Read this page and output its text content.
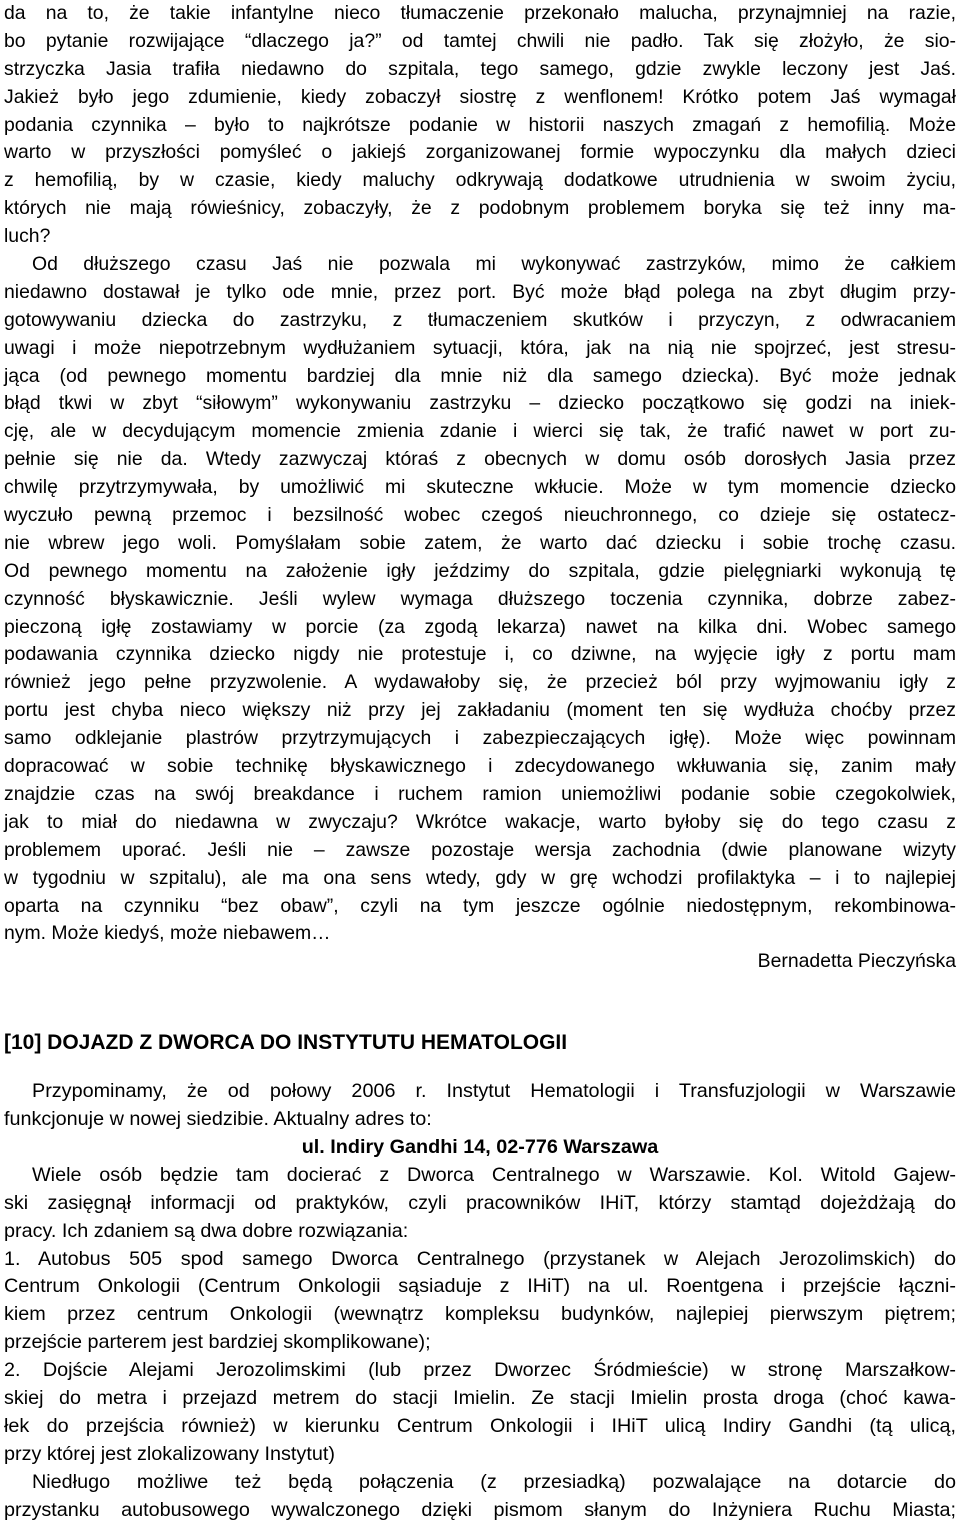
da na to, że takie infantylne nieco tłumaczenie przekonało malucha, przynajmniej na razie,
bo pytanie rozwijające “dlaczego ja?” od tamtej chwili nie padło. Tak się złożyło, że sio-
strzyczka Jasia trafiła niedawno do szpitala, tego samego, gdzie zwykle leczony jest Jaś.
Jakież było jego zdumienie, kiedy zobaczył siostrę z wenflonem! Krótko potem Jaś wymagał
podania czynnika – było to najkrótsze podanie w historii naszych zmagań z hemofilią. Może
warto w przyszłości pomyśleć o jakiejś zorganizowanej formie wypoczynku dla małych dzieci
z hemofilią, by w czasie, kiedy maluchy odkrywają dodatkowe utrudnienia w swoim życiu,
których nie mają rówieśnicy, zobaczyły, że z podobnym problemem boryka się też inny ma-
luch?
Od dłuższego czasu Jaś nie pozwala mi wykonywać zastrzyków, mimo że całkiem
niedawno dostawał je tylko ode mnie, przez port. Być może błąd polega na zbyt długim przy-
gotowywaniu dziecka do zastrzyku, z tłumaczeniem skutków i przyczyn, z odwracaniem
uwagi i może niepotrzebnym wydłużaniem sytuacji, która, jak na nią nie spojrzeć, jest stresu-
jąca (od pewnego momentu bardziej dla mnie niż dla samego dziecka). Być może jednak
błąd tkwi w zbyt “siłowym” wykonywaniu zastrzyku – dziecko początkowo się godzi na iniek-
cję, ale w decydującym momencie zmienia zdanie i wierci się tak, że trafić nawet w port zu-
pełnie się nie da. Wtedy zazwyczaj któraś z obecnych w domu osób dorosłych Jasia przez
chwilę przytrzymywała, by umożliwić mi skuteczne wkłucie. Może w tym momencie dziecko
wyczuło pewną przemoc i bezsilność wobec czegoś nieuchronnego, co dzieje się ostatecz-
nie wbrew jego woli. Pomyślałam sobie zatem, że warto dać dziecku i sobie trochę czasu.
Od pewnego momentu na założenie igły jeździmy do szpitala, gdzie pielęgniarki wykonują tę
czynność błyskawicznie. Jeśli wylew wymaga dłuższego toczenia czynnika, dobrze zabez-
pieczoną igłę zostawiamy w porcie (za zgodą lekarza) nawet na kilka dni. Wobec samego
podawania czynnika dziecko nigdy nie protestuje i, co dziwne, na wyjęcie igły z portu mam
również jego pełne przyzwolenie. A wydawałoby się, że przecież ból przy wyjmowaniu igły z
portu jest chyba nieco większy niż przy jej zakładaniu (moment ten się wydłuża choćby przez
samo odklejanie plastrów przytrzymujących i zabezpieczających igłę). Może więc powinnam
dopracować w sobie technikę błyskawicznego i zdecydowanego wkłuwania się, zanim mały
znajdzie czas na swój breakdance i ruchem ramion uniemożliwi podanie sobie czegokolwiek,
jak to miał do niedawna w zwyczaju? Wkrótce wakacje, warto byłoby się do tego czasu z
problemem uporać. Jeśli nie – zawsze pozostaje wersja zachodnia (dwie planowane wizyty
w tygodniu w szpitalu), ale ma ona sens wtedy, gdy w grę wchodzi profilaktyka – i to najlepiej
oparta na czynniku “bez obaw”, czyli na tym jeszcze ogólnie niedostępnym, rekombinowa-
nym. Może kiedyś, może niebawem…
Bernadetta Pieczyńska
[10] DOJAZD Z DWORCA DO INSTYTUTU HEMATOLOGII
Przypominamy, że od połowy 2006 r. Instytut Hematologii i Transfuzjologii w Warszawie
funkcjonuje w nowej siedzibie. Aktualny adres to:
ul. Indiry Gandhi 14, 02-776 Warszawa
Wiele osób będzie tam docierać z Dworca Centralnego w Warszawie. Kol. Witold Gajew-
ski zasięgnął informacji od praktyków, czyli pracowników IHiT, którzy stamtąd dojeżdżają do
pracy. Ich zdaniem są dwa dobre rozwiązania:
1. Autobus 505 spod samego Dworca Centralnego (przystanek w Alejach Jerozolimskich) do
Centrum Onkologii (Centrum Onkologii sąsiaduje z IHiT) na ul. Roentgena i przejście łączni-
kiem przez centrum Onkologii (wewnątrz kompleksu budynków, najlepiej pierwszym piętrem;
przejście parterem jest bardziej skomplikowane);
2. Dojście Alejami Jerozolimskimi (lub przez Dworzec Śródmieście) w stronę Marszałkow-
skiej do metra i przejazd metrem do stacji Imielin. Ze stacji Imielin prosta droga (choć kawa-
łek do przejścia również) w kierunku Centrum Onkologii i IHiT ulicą Indiry Gandhi (tą ulicą,
przy której jest zlokalizowany Instytut)
Niedługo możliwe też będą połączenia (z przesiadką) pozwalające na dotarcie do
przystanku autobusowego wywalczonego dzięki pismom słanym do Inżyniera Ruchu Miasta;
